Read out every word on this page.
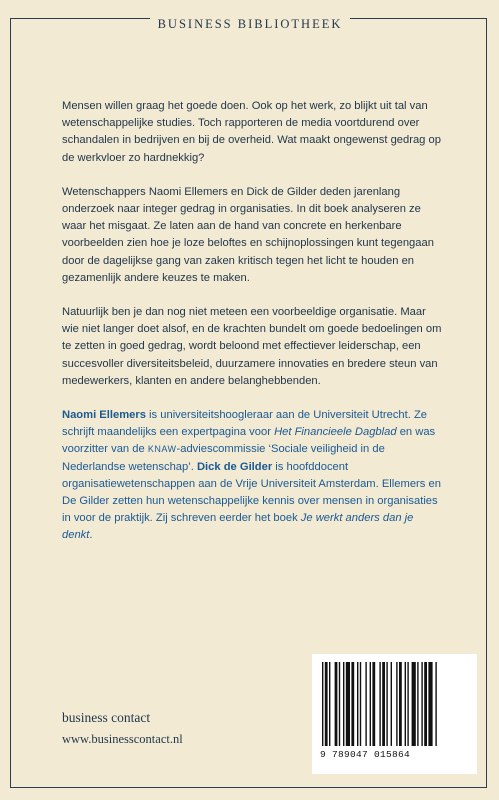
BUSINESS BIBLIOTHEEK

Mensen willen graag het goede doen. Ook op het werk, zo blijkt uit tal van wetenschappelijke studies. Toch rapporteren de media voortdurend over schandalen in bedrijven en bij de overheid. Wat maakt ongewenst gedrag op de werkvloer zo hardnekkig?

Wetenschappers Naomi Ellemers en Dick de Gilder deden jarenlang onderzoek naar integer gedrag in organisaties. In dit boek analyseren ze waar het misgaat. Ze laten aan de hand van concrete en herkenbare voorbeelden zien hoe je loze beloftes en schijnoplossingen kunt tegengaan door de dagelijkse gang van zaken kritisch tegen het licht te houden en gezamenlijk andere keuzes te maken.

Natuurlijk ben je dan nog niet meteen een voorbeeldige organisatie. Maar wie niet langer doet alsof, en de krachten bundelt om goede bedoelingen om te zetten in goed gedrag, wordt beloond met effectiever leiderschap, een succesvoller diversiteitsbeleid, duurzamere innovaties en bredere steun van medewerkers, klanten en andere belanghebbenden.

Naomi Ellemers is universiteitshoogleraar aan de Universiteit Utrecht. Ze schrijft maandelijks een expertpagina voor Het Financieele Dagblad en was voorzitter van de KNAW-adviescommissie ‘Sociale veiligheid in de Nederlandse wetenschap’. Dick de Gilder is hoofddocent organisatiewetenschappen aan de Vrije Universiteit Amsterdam. Ellemers en De Gilder zetten hun wetenschappelijke kennis over mensen in organisaties in voor de praktijk. Zij schreven eerder het boek Je werkt anders dan je denkt.

business contact
www.businesscontact.nl
9 789047 015864
